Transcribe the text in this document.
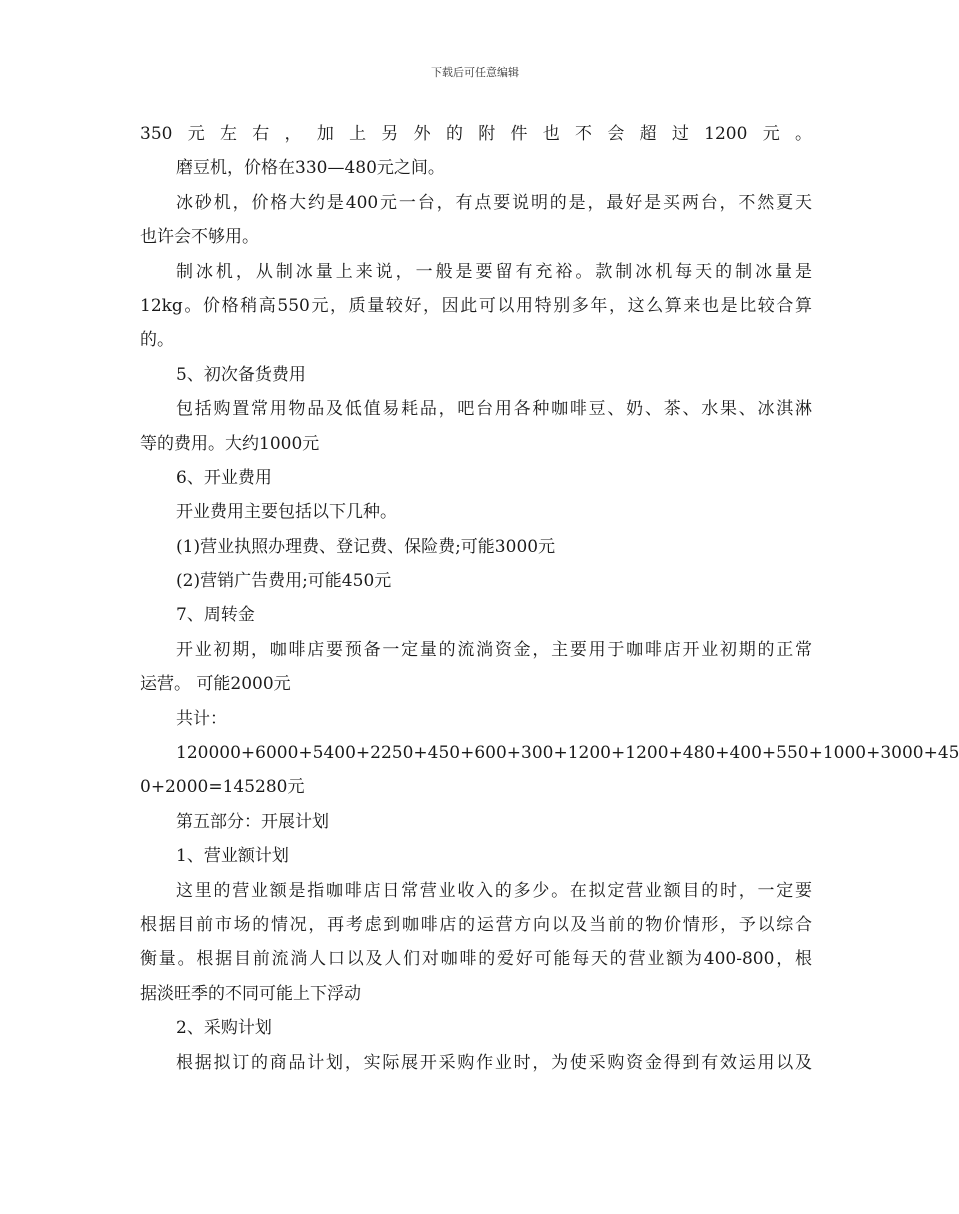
下载后可任意编辑
350元左右，加上另外的附件也不会超过1200元。
磨豆机，价格在330—480元之间。
冰砂机，价格大约是400元一台，有点要说明的是，最好是买两台，不然夏天
也许会不够用。
制冰机，从制冰量上来说，一般是要留有充裕。款制冰机每天的制冰量是
12kg。价格稍高550元，质量较好，因此可以用特别多年，这么算来也是比较合算
的。
5、初次备货费用
包括购置常用物品及低值易耗品，吧台用各种咖啡豆、奶、茶、水果、冰淇淋
等的费用。大约1000元
6、开业费用
开业费用主要包括以下几种。
(1)营业执照办理费、登记费、保险费;可能3000元
(2)营销广告费用;可能450元
7、周转金
开业初期，咖啡店要预备一定量的流淌资金，主要用于咖啡店开业初期的正常
运营。 可能2000元
共计：
120000+6000+5400+2250+450+600+300+1200+1200+480+400+550+1000+3000+45
0+2000=145280元
第五部分：开展计划
1、营业额计划
这里的营业额是指咖啡店日常营业收入的多少。在拟定营业额目的时，一定要
根据目前市场的情况，再考虑到咖啡店的运营方向以及当前的物价情形，予以综合
衡量。根据目前流淌人口以及人们对咖啡的爱好可能每天的营业额为400-800，根
据淡旺季的不同可能上下浮动
2、采购计划
根据拟订的商品计划，实际展开采购作业时，为使采购资金得到有效运用以及
